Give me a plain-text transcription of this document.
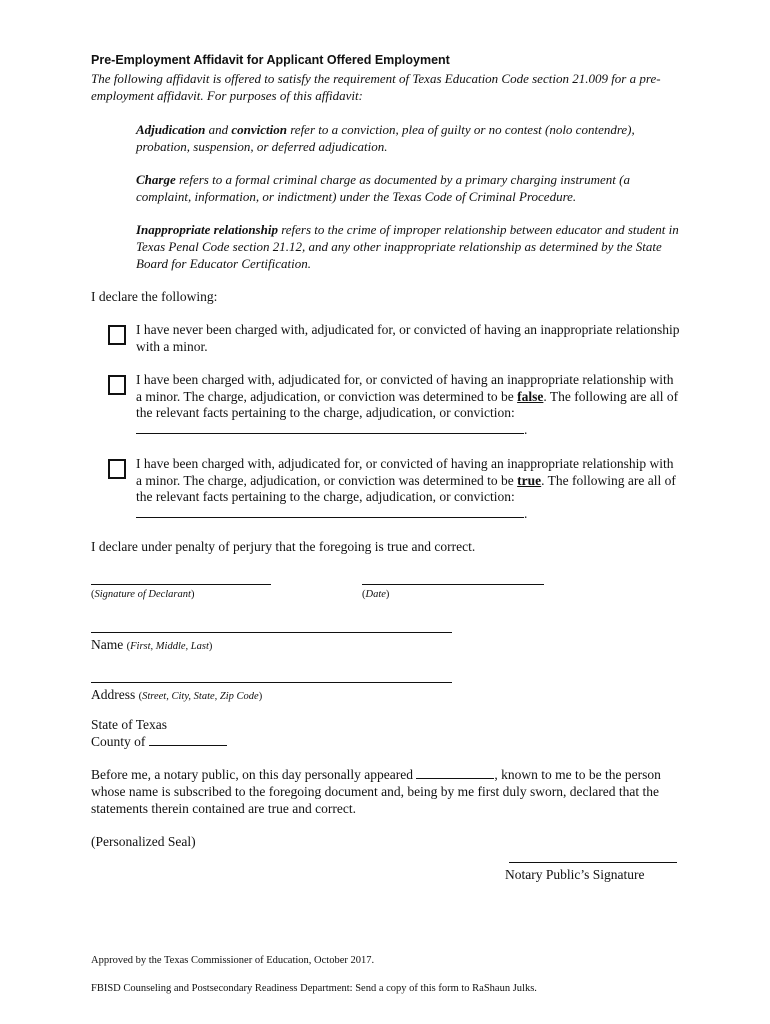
Pre-Employment Affidavit for Applicant Offered Employment
The following affidavit is offered to satisfy the requirement of Texas Education Code section 21.009 for a pre-employment affidavit. For purposes of this affidavit:
Adjudication and conviction refer to a conviction, plea of guilty or no contest (nolo contendre), probation, suspension, or deferred adjudication.
Charge refers to a formal criminal charge as documented by a primary charging instrument (a complaint, information, or indictment) under the Texas Code of Criminal Procedure.
Inappropriate relationship refers to the crime of improper relationship between educator and student in Texas Penal Code section 21.12, and any other inappropriate relationship as determined by the State Board for Educator Certification.
I declare the following:
I have never been charged with, adjudicated for, or convicted of having an inappropriate relationship with a minor.
I have been charged with, adjudicated for, or convicted of having an inappropriate relationship with a minor. The charge, adjudication, or conviction was determined to be false. The following are all of the relevant facts pertaining to the charge, adjudication, or conviction: .
I have been charged with, adjudicated for, or convicted of having an inappropriate relationship with a minor. The charge, adjudication, or conviction was determined to be true. The following are all of the relevant facts pertaining to the charge, adjudication, or conviction: .
I declare under penalty of perjury that the foregoing is true and correct.
(Signature of Declarant)	(Date)
Name (First, Middle, Last)
Address (Street, City, State, Zip Code)
State of Texas
County of
Before me, a notary public, on this day personally appeared	, known to me to be the person whose name is subscribed to the foregoing document and, being by me first duly sworn, declared that the statements therein contained are true and correct.
(Personalized Seal)
Notary Public’s Signature
Approved by the Texas Commissioner of Education, October 2017.
FBISD Counseling and Postsecondary Readiness Department: Send a copy of this form to RaShaun Julks.
